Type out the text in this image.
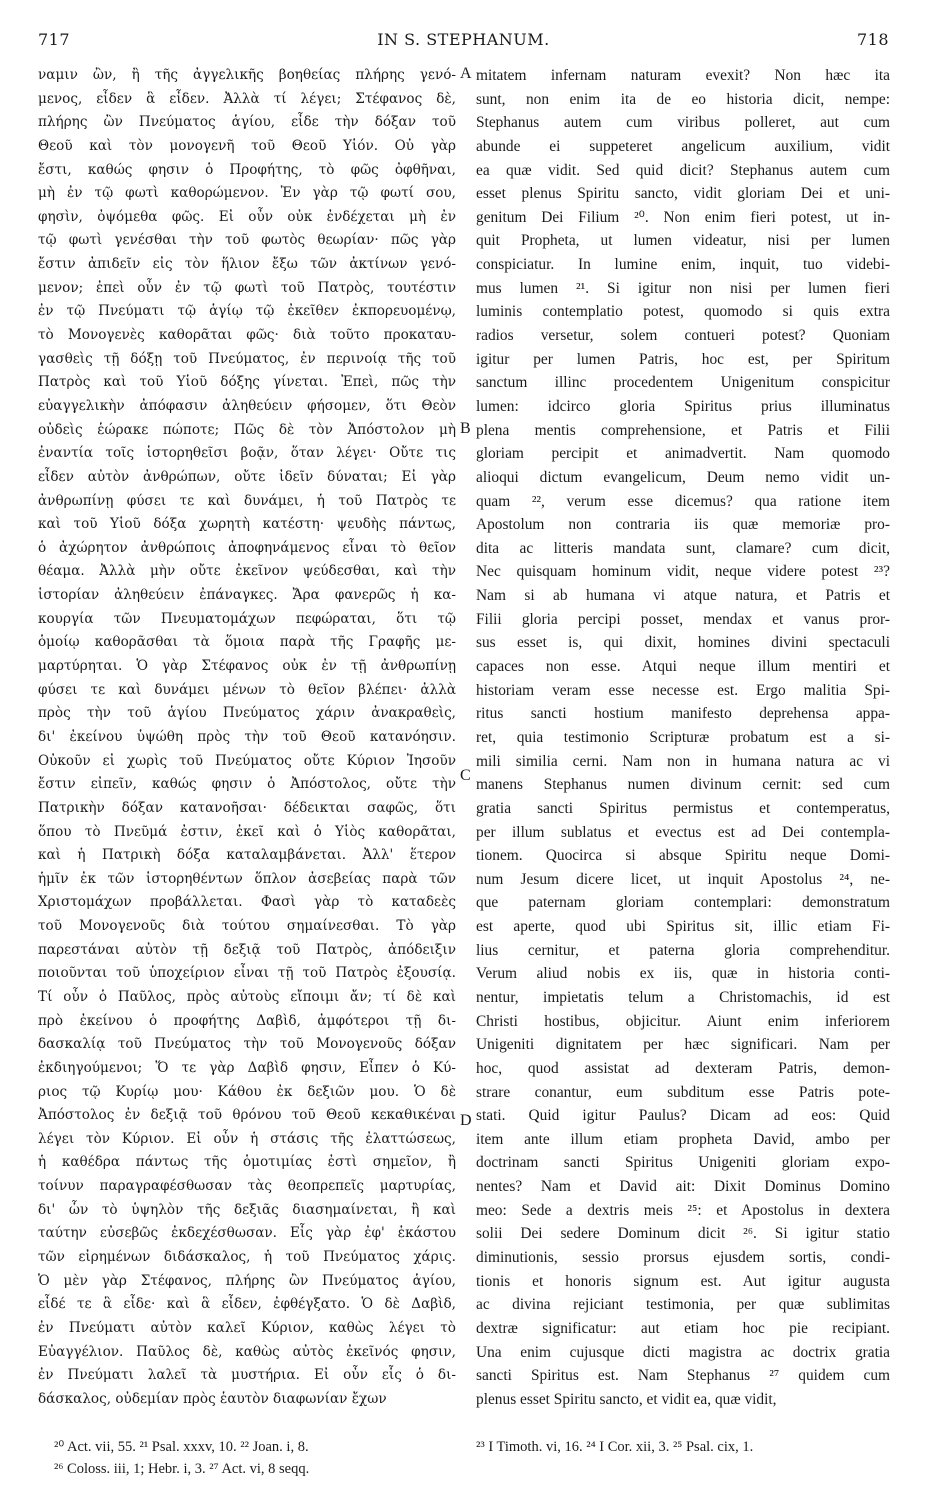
717	IN S. STEPHANUM.	718
ναμιν ὢν, ἢ τῆς ἀγγελικῆς βοηθείας πλήρης γενό-
μενος, εἶδεν ἃ εἶδεν. Ἀλλὰ τί λέγει; Στέφανος δὲ,
πλήρης ὢν Πνεύματος ἁγίου, εἶδε τὴν δόξαν τοῦ
Θεοῦ καὶ τὸν μονογενῆ τοῦ Θεοῦ Υἱόν. Οὐ γὰρ
ἔστι, καθώς φησιν ὁ Προφήτης, τὸ φῶς ὀφθῆναι,
μὴ ἐν τῷ φωτὶ καθορώμενον. Ἐν γὰρ τῷ φωτί σου,
φησὶν, ὀψόμεθα φῶς. Εἰ οὖν οὐκ ἐνδέχεται μὴ ἐν
τῷ φωτὶ γενέσθαι τὴν τοῦ φωτὸς θεωρίαν· πῶς γὰρ
ἔστιν ἀπιδεῖν εἰς τὸν ἥλιον ἔξω τῶν ἀκτίνων γενό-
μενον; ἐπεὶ οὖν ἐν τῷ φωτὶ τοῦ Πατρὸς, τουτέστιν
ἐν τῷ Πνεύματι τῷ ἁγίῳ τῷ ἐκεῖθεν ἐκπορευομένῳ,
τὸ Μονογενὲς καθορᾶται φῶς· διὰ τοῦτο προκαταυ-
γασθεὶς τῇ δόξῃ τοῦ Πνεύματος, ἐν περινοίᾳ τῆς τοῦ
Πατρὸς καὶ τοῦ Υἱοῦ δόξης γίνεται. Ἐπεὶ, πῶς τὴν
εὐαγγελικὴν ἀπόφασιν ἀληθεύειν φήσομεν, ὅτι Θεὸν
οὐδεὶς ἑώρακε πώποτε; Πῶς δὲ τὸν Ἀπόστολον μὴ
ἐναντία τοῖς ἱστορηθεῖσι βοᾷν, ὅταν λέγει· Οὔτε τις
εἶδεν αὐτὸν ἀνθρώπων, οὔτε ἰδεῖν δύναται; Εἰ γὰρ
ἀνθρωπίνῃ φύσει τε καὶ δυνάμει, ἡ τοῦ Πατρὸς τε
καὶ τοῦ Υἱοῦ δόξα χωρητὴ κατέστη· ψευδὴς πάντως,
ὁ ἀχώρητον ἀνθρώποις ἀποφηνάμενος εἶναι τὸ θεῖον
θέαμα. Ἀλλὰ μὴν οὔτε ἐκεῖνον ψεύδεσθαι, καὶ τὴν
ἱστορίαν ἀληθεύειν ἐπάναγκες. Ἄρα φανερῶς ἡ κα-
κουργία τῶν Πνευματομάχων πεφώραται, ὅτι τῷ
ὁμοίῳ καθορᾶσθαι τὰ ὅμοια παρὰ τῆς Γραφῆς με-
μαρτύρηται. Ὁ γὰρ Στέφανος οὐκ ἐν τῇ ἀνθρωπίνῃ
φύσει τε καὶ δυνάμει μένων τὸ θεῖον βλέπει· ἀλλὰ
πρὸς τὴν τοῦ ἁγίου Πνεύματος χάριν ἀνακραθεὶς,
δι' ἐκείνου ὑψώθη πρὸς τὴν τοῦ Θεοῦ κατανόησιν.
Οὐκοῦν εἰ χωρὶς τοῦ Πνεύματος οὔτε Κύριον Ἰησοῦν
ἔστιν εἰπεῖν, καθώς φησιν ὁ Ἀπόστολος, οὔτε τὴν
Πατρικὴν δόξαν κατανοῆσαι· δέδεικται σαφῶς, ὅτι
ὅπου τὸ Πνεῦμά ἐστιν, ἐκεῖ καὶ ὁ Υἱὸς καθορᾶται,
καὶ ἡ Πατρικὴ δόξα καταλαμβάνεται. Ἀλλ' ἕτερον
ἡμῖν ἐκ τῶν ἱστορηθέντων ὅπλον ἀσεβείας παρὰ τῶν
Χριστομάχων προβάλλεται. Φασὶ γὰρ τὸ καταδεὲς
τοῦ Μονογενοῦς διὰ τούτου σημαίνεσθαι. Τὸ γὰρ
παρεστάναι αὐτὸν τῇ δεξιᾷ τοῦ Πατρὸς, ἀπόδειξιν
ποιοῦνται τοῦ ὑποχείριον εἶναι τῇ τοῦ Πατρὸς ἐξουσίᾳ.
Τί οὖν ὁ Παῦλος, πρὸς αὐτοὺς εἴποιμι ἄν; τί δὲ καὶ
πρὸ ἐκείνου ὁ προφήτης Δαβὶδ, ἀμφότεροι τῇ δι-
δασκαλίᾳ τοῦ Πνεύματος τὴν τοῦ Μονογενοῦς δόξαν
ἐκδιηγούμενοι; Ὅ τε γὰρ Δαβὶδ φησιν, Εἶπεν ὁ Κύ-
ριος τῷ Κυρίῳ μου· Κάθου ἐκ δεξιῶν μου. Ὁ δὲ
Ἀπόστολος ἐν δεξιᾷ τοῦ θρόνου τοῦ Θεοῦ κεκαθικέναι
λέγει τὸν Κύριον. Εἰ οὖν ἡ στάσις τῆς ἐλαττώσεως,
ἡ καθέδρα πάντως τῆς ὁμοτιμίας ἐστὶ σημεῖον, ἢ
τοίνυν παραγραφέσθωσαν τὰς θεοπρεπεῖς μαρτυρίας,
δι' ὧν τὸ ὑψηλὸν τῆς δεξιᾶς διασημαίνεται, ἢ καὶ
ταύτην εὐσεβῶς ἐκδεχέσθωσαν. Εἷς γὰρ ἐφ' ἑκάστου
τῶν εἰρημένων διδάσκαλος, ἡ τοῦ Πνεύματος χάρις.
Ὁ μὲν γὰρ Στέφανος, πλήρης ὢν Πνεύματος ἁγίου,
εἶδέ τε ἃ εἶδε· καὶ ἃ εἶδεν, ἐφθέγξατο. Ὁ δὲ Δαβὶδ,
ἐν Πνεύματι αὐτὸν καλεῖ Κύριον, καθὼς λέγει τὸ
Εὐαγγέλιον. Παῦλος δὲ, καθὼς αὐτὸς ἐκεῖνός φησιν,
ἐν Πνεύματι λαλεῖ τὰ μυστήρια. Εἰ οὖν εἷς ὁ δι-
δάσκαλος, οὐδεμίαν πρὸς ἑαυτὸν διαφωνίαν ἔχων
mitatem infernam naturam evexit? Non hæc ita
sunt, non enim ita de eo historia dicit, nempe:
Stephanus autem cum viribus polleret, aut cum
abunde ei suppeteret angelicum auxilium, vidit
ea quæ vidit. Sed quid dicit? Stephanus autem cum
esset plenus Spiritu sancto, vidit gloriam Dei et uni-
genitum Dei Filium ²⁰. Non enim fieri potest, ut in-
quit Propheta, ut lumen videatur, nisi per lumen
conspiciatur. In lumine enim, inquit, tuo videbi-
mus lumen ²¹. Si igitur non nisi per lumen fieri
luminis contemplatio potest, quomodo si quis extra
radios versetur, solem contueri potest? Quoniam
igitur per lumen Patris, hoc est, per Spiritum
sanctum illinc procedentem Unigenitum conspicitur
lumen: idcirco gloria Spiritus prius illuminatus
plena mentis comprehensione, et Patris et Filii
gloriam percipit et animadvertit. Nam quomodo
alioqui dictum evangelicum, Deum nemo vidit un-
quam ²², verum esse dicemus? qua ratione item
Apostolum non contraria iis quæ memoriæ pro-
dita ac litteris mandata sunt, clamare? cum dicit,
Nec quisquam hominum vidit, neque videre potest ²³?
Nam si ab humana vi atque natura, et Patris et
Filii gloria percipi posset, mendax et vanus pror-
sus esset is, qui dixit, homines divini spectaculi
capaces non esse. Atqui neque illum mentiri et
historiam veram esse necesse est. Ergo malitia Spi-
ritus sancti hostium manifesto deprehensa appa-
ret, quia testimonio Scripturæ probatum est a si-
mili similia cerni. Nam non in humana natura ac vi
manens Stephanus numen divinum cernit: sed cum
gratia sancti Spiritus permistus et contemperatus,
per illum sublatus et evectus est ad Dei contempla-
tionem. Quocirca si absque Spiritu neque Domi-
num Jesum dicere licet, ut inquit Apostolus ²⁴, ne-
que paternam gloriam contemplari: demonstratum
est aperte, quod ubi Spiritus sit, illic etiam Fi-
lius cernitur, et paterna gloria comprehenditur.
Verum aliud nobis ex iis, quæ in historia conti-
nentur, impietatis telum a Christomachis, id est
Christi hostibus, objicitur. Aiunt enim inferiorem
Unigeniti dignitatem per hæc significari. Nam per
hoc, quod assistat ad dexteram Patris, demon-
strare conantur, eum subditum esse Patris pote-
stati. Quid igitur Paulus? Dicam ad eos: Quid
item ante illum etiam propheta David, ambo per
doctrinam sancti Spiritus Unigeniti gloriam expo-
nentes? Nam et David ait: Dixit Dominus Domino
meo: Sede a dextris meis ²⁵: et Apostolus in dextera
solii Dei sedere Dominum dicit ²⁶. Si igitur statio
diminutionis, sessio prorsus ejusdem sortis, condi-
tionis et honoris signum est. Aut igitur augusta
ac divina rejiciant testimonia, per quæ sublimitas
dextræ significatur: aut etiam hoc pie recipiant.
Una enim cujusque dicti magistra ac doctrix gratia
sancti Spiritus est. Nam Stephanus ²⁷ quidem cum
plenus esset Spiritu sancto, et vidit ea, quæ vidit,
A
B
C
D
²⁰ Act. vii, 55. ²¹ Psal. xxxv, 10. ²² Joan. i, 8.
²⁶ Coloss. iii, 1; Hebr. i, 3. ²⁷ Act. vi, 8 seqq.
²³ I Timoth. vi, 16. ²⁴ I Cor. xii, 3. ²⁵ Psal. cix, 1.
